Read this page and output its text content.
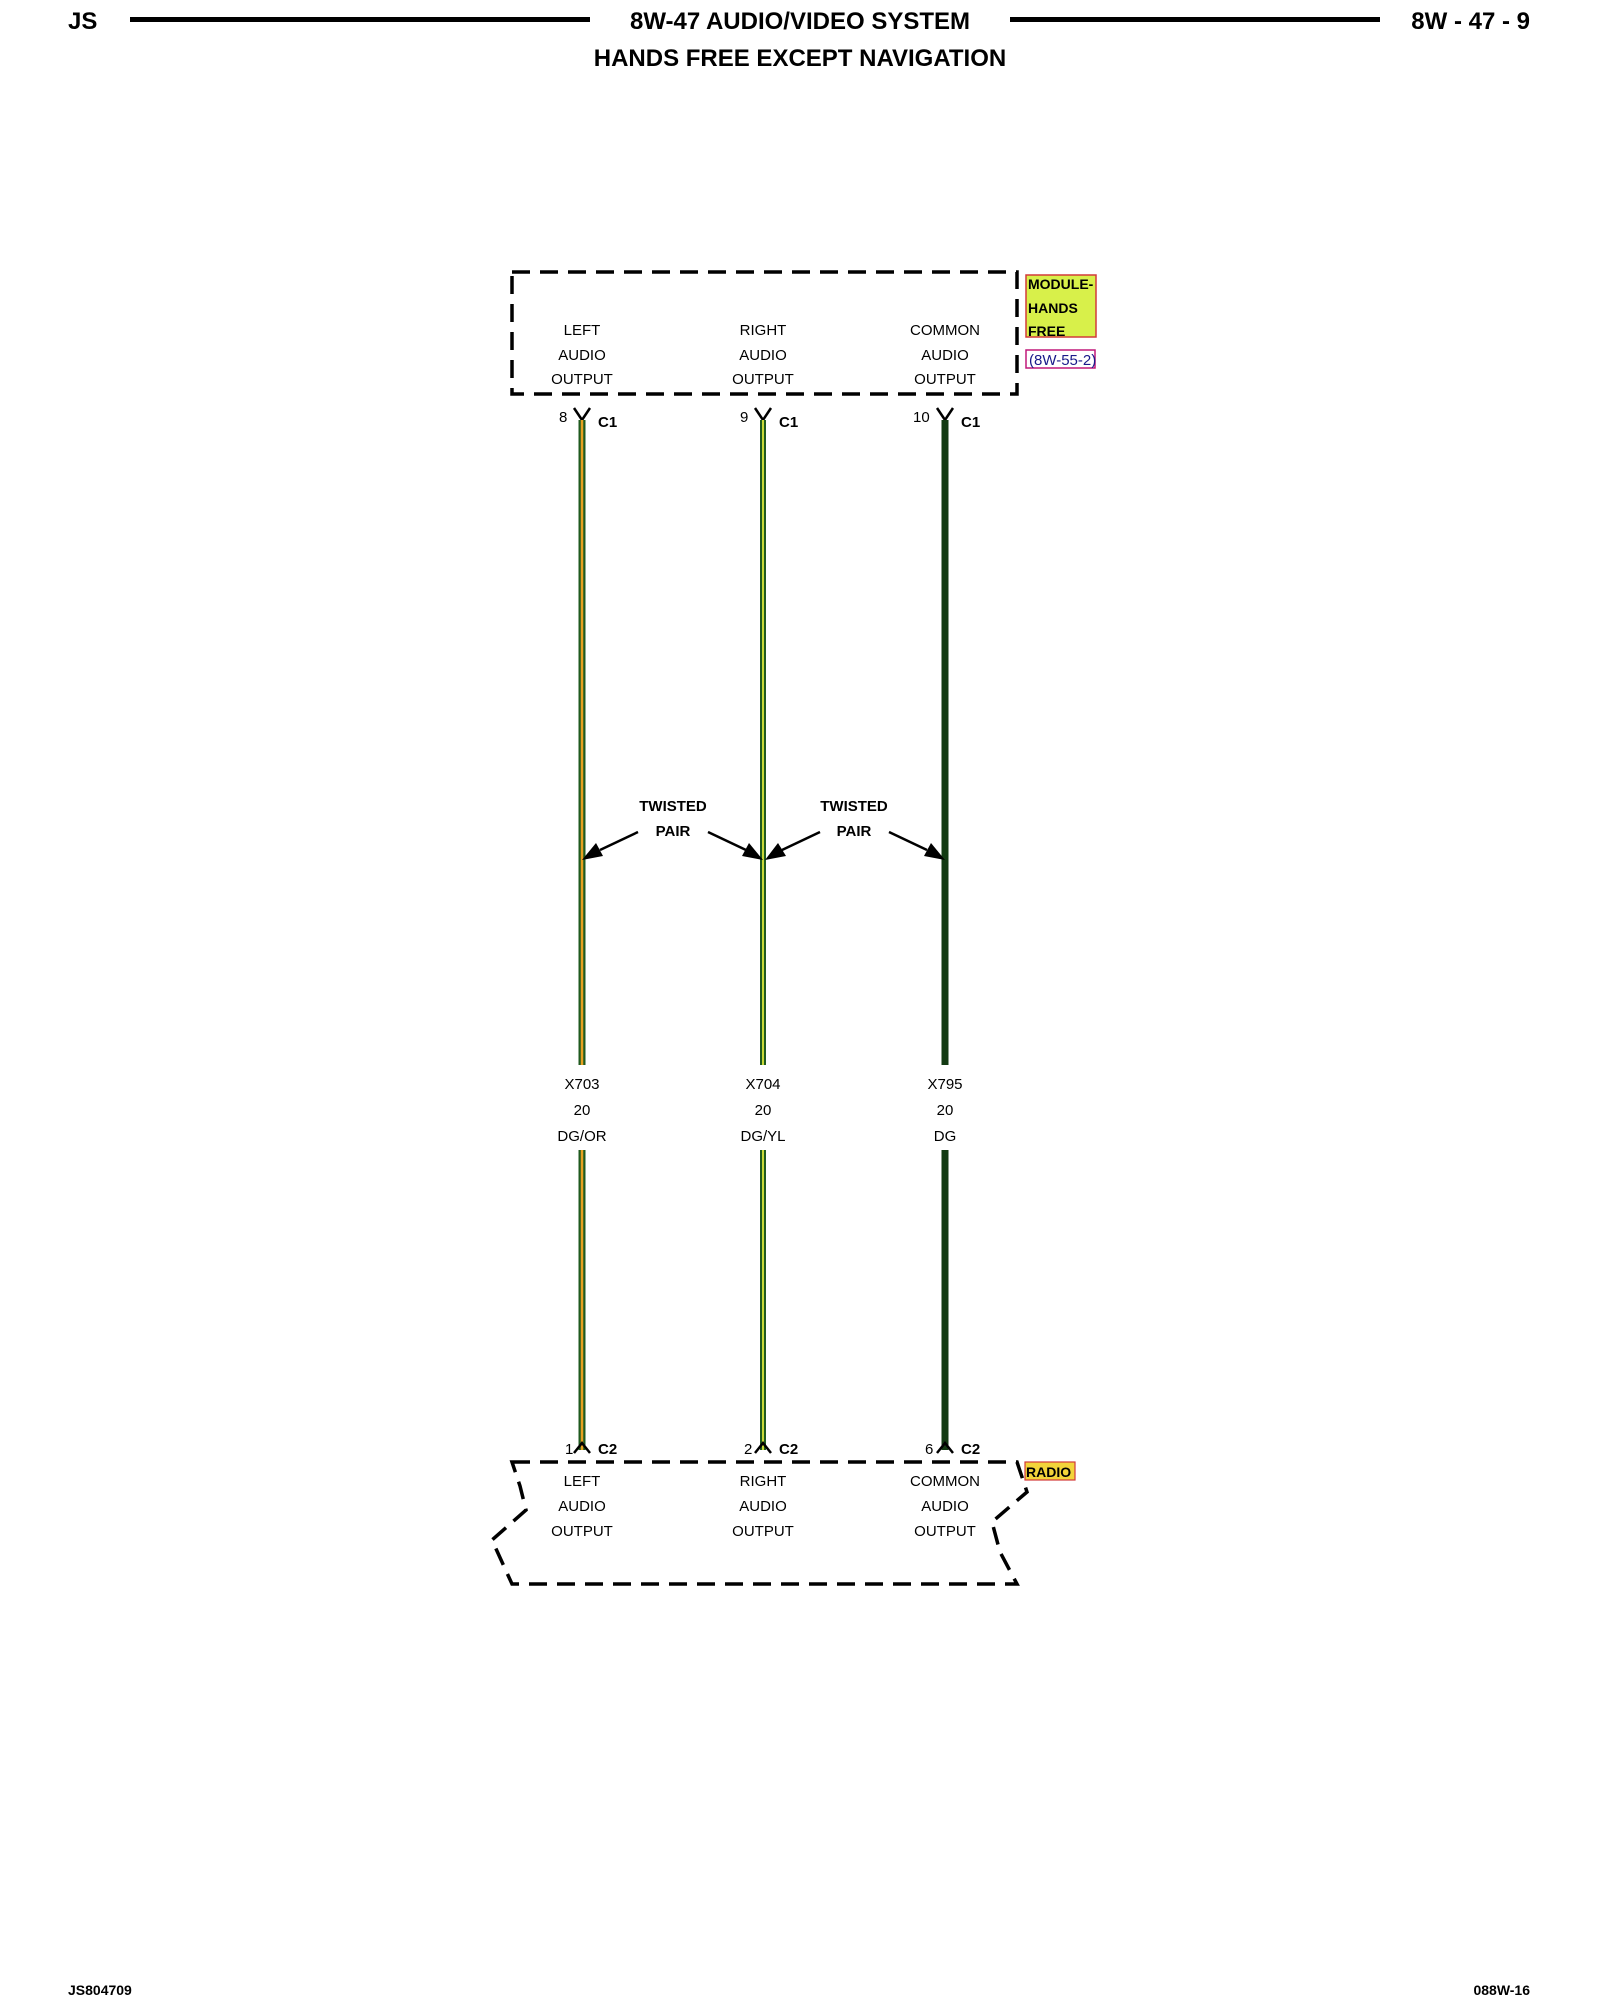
JS	8W-47 AUDIO/VIDEO SYSTEM	8W - 47 - 9
HANDS FREE EXCEPT NAVIGATION
MODULE-
HANDS
FREE
(8W-55-2)
LEFT
AUDIO
OUTPUT
RIGHT
AUDIO
OUTPUT
COMMON
AUDIO
OUTPUT
8 C1	9 C1	10 C1
X703
20
DG/OR
X704
20
DG/YL
X795
20
DG
TWISTED
PAIR
TWISTED
PAIR
1 C2	2 C2	6 C2
RADIO
LEFT
AUDIO
OUTPUT
RIGHT
AUDIO
OUTPUT
COMMON
AUDIO
OUTPUT
JS804709	088W-16
